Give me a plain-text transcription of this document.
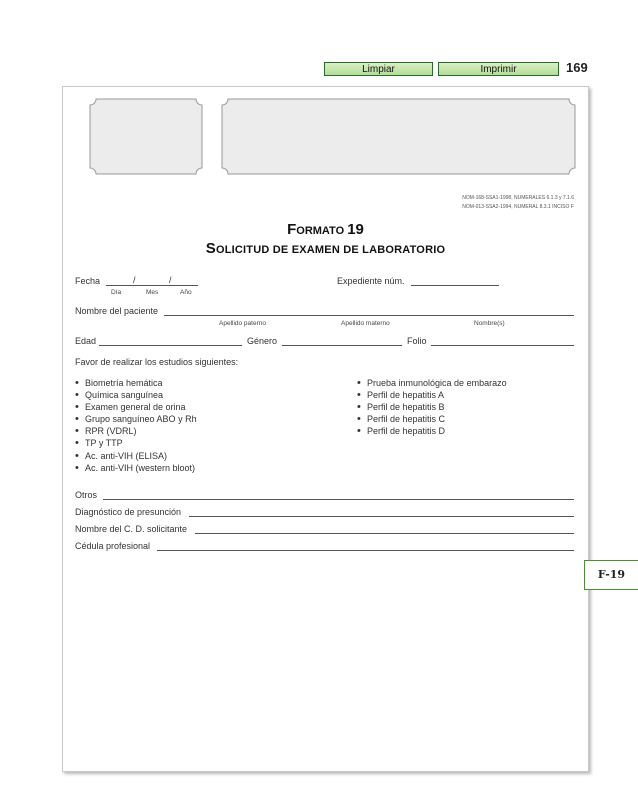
Limpiar	Imprimir	169
NOM-168-SSA1-1998, NUMERALES 6.1.3 y 7.1.6
NOM-013-SSA2-1994, NUMERAL 8.3.1 INCISO F
FORMATO 19
SOLICITUD DE EXAMEN DE LABORATORIO
Fecha	/	/
Día	Mes	Año
Expediente núm.
Nombre del paciente
Apellido paterno	Apellido materno	Nombre(s)
Edad	Género	Folio
Favor de realizar los estudios siguientes:
• Biometría hemática
• Química sanguínea
• Examen general de orina
• Grupo sanguíneo ABO y Rh
• RPR (VDRL)
• TP y TTP
• Ac. anti-VIH (ELISA)
• Ac. anti-VIH (western bloot)
• Prueba inmunológica de embarazo
• Perfil de hepatitis A
• Perfil de hepatitis B
• Perfil de hepatitis C
• Perfil de hepatitis D
Otros
Diagnóstico de presunción
Nombre del C. D. solicitante
Cédula profesional
F-19
